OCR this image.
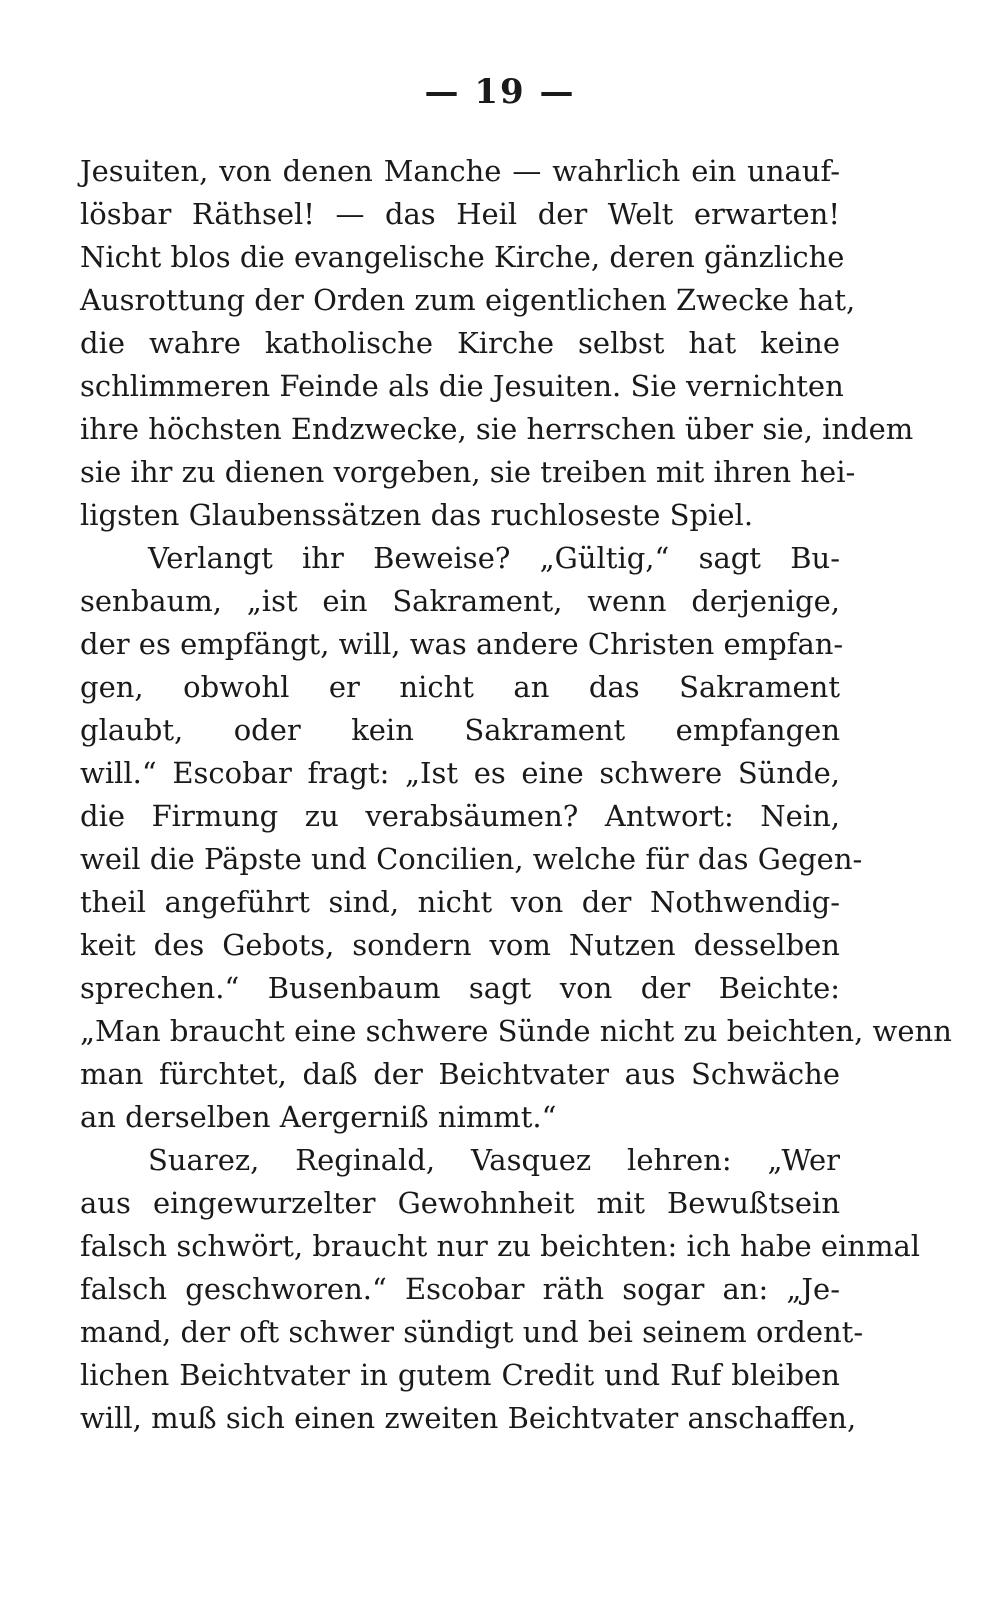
— 19 —
Jesuiten, von denen Manche — wahrlich ein unauf-
lösbar Räthsel! — das Heil der Welt erwarten!
Nicht blos die evangelische Kirche, deren gänzliche
Ausrottung der Orden zum eigentlichen Zwecke hat,
die wahre katholische Kirche selbst hat keine
schlimmeren Feinde als die Jesuiten. Sie vernichten
ihre höchsten Endzwecke, sie herrschen über sie, indem
sie ihr zu dienen vorgeben, sie treiben mit ihren hei-
ligsten Glaubenssätzen das ruchloseste Spiel.
Verlangt ihr Beweise? „Gültig,“ sagt Bu-
senbaum, „ist ein Sakrament, wenn derjenige,
der es empfängt, will, was andere Christen empfan-
gen, obwohl er nicht an das Sakrament
glaubt, oder kein Sakrament empfangen
will.“ Escobar fragt: „Ist es eine schwere Sünde,
die Firmung zu verabsäumen? Antwort: Nein,
weil die Päpste und Concilien, welche für das Gegen-
theil angeführt sind, nicht von der Nothwendig-
keit des Gebots, sondern vom Nutzen desselben
sprechen.“ Busenbaum sagt von der Beichte:
„Man braucht eine schwere Sünde nicht zu beichten, wenn
man fürchtet, daß der Beichtvater aus Schwäche
an derselben Aergerniß nimmt.“
Suarez, Reginald, Vasquez lehren: „Wer
aus eingewurzelter Gewohnheit mit Bewußtsein
falsch schwört, braucht nur zu beichten: ich habe einmal
falsch geschworen.“ Escobar räth sogar an: „Je-
mand, der oft schwer sündigt und bei seinem ordent-
lichen Beichtvater in gutem Credit und Ruf bleiben
will, muß sich einen zweiten Beichtvater anschaffen,
